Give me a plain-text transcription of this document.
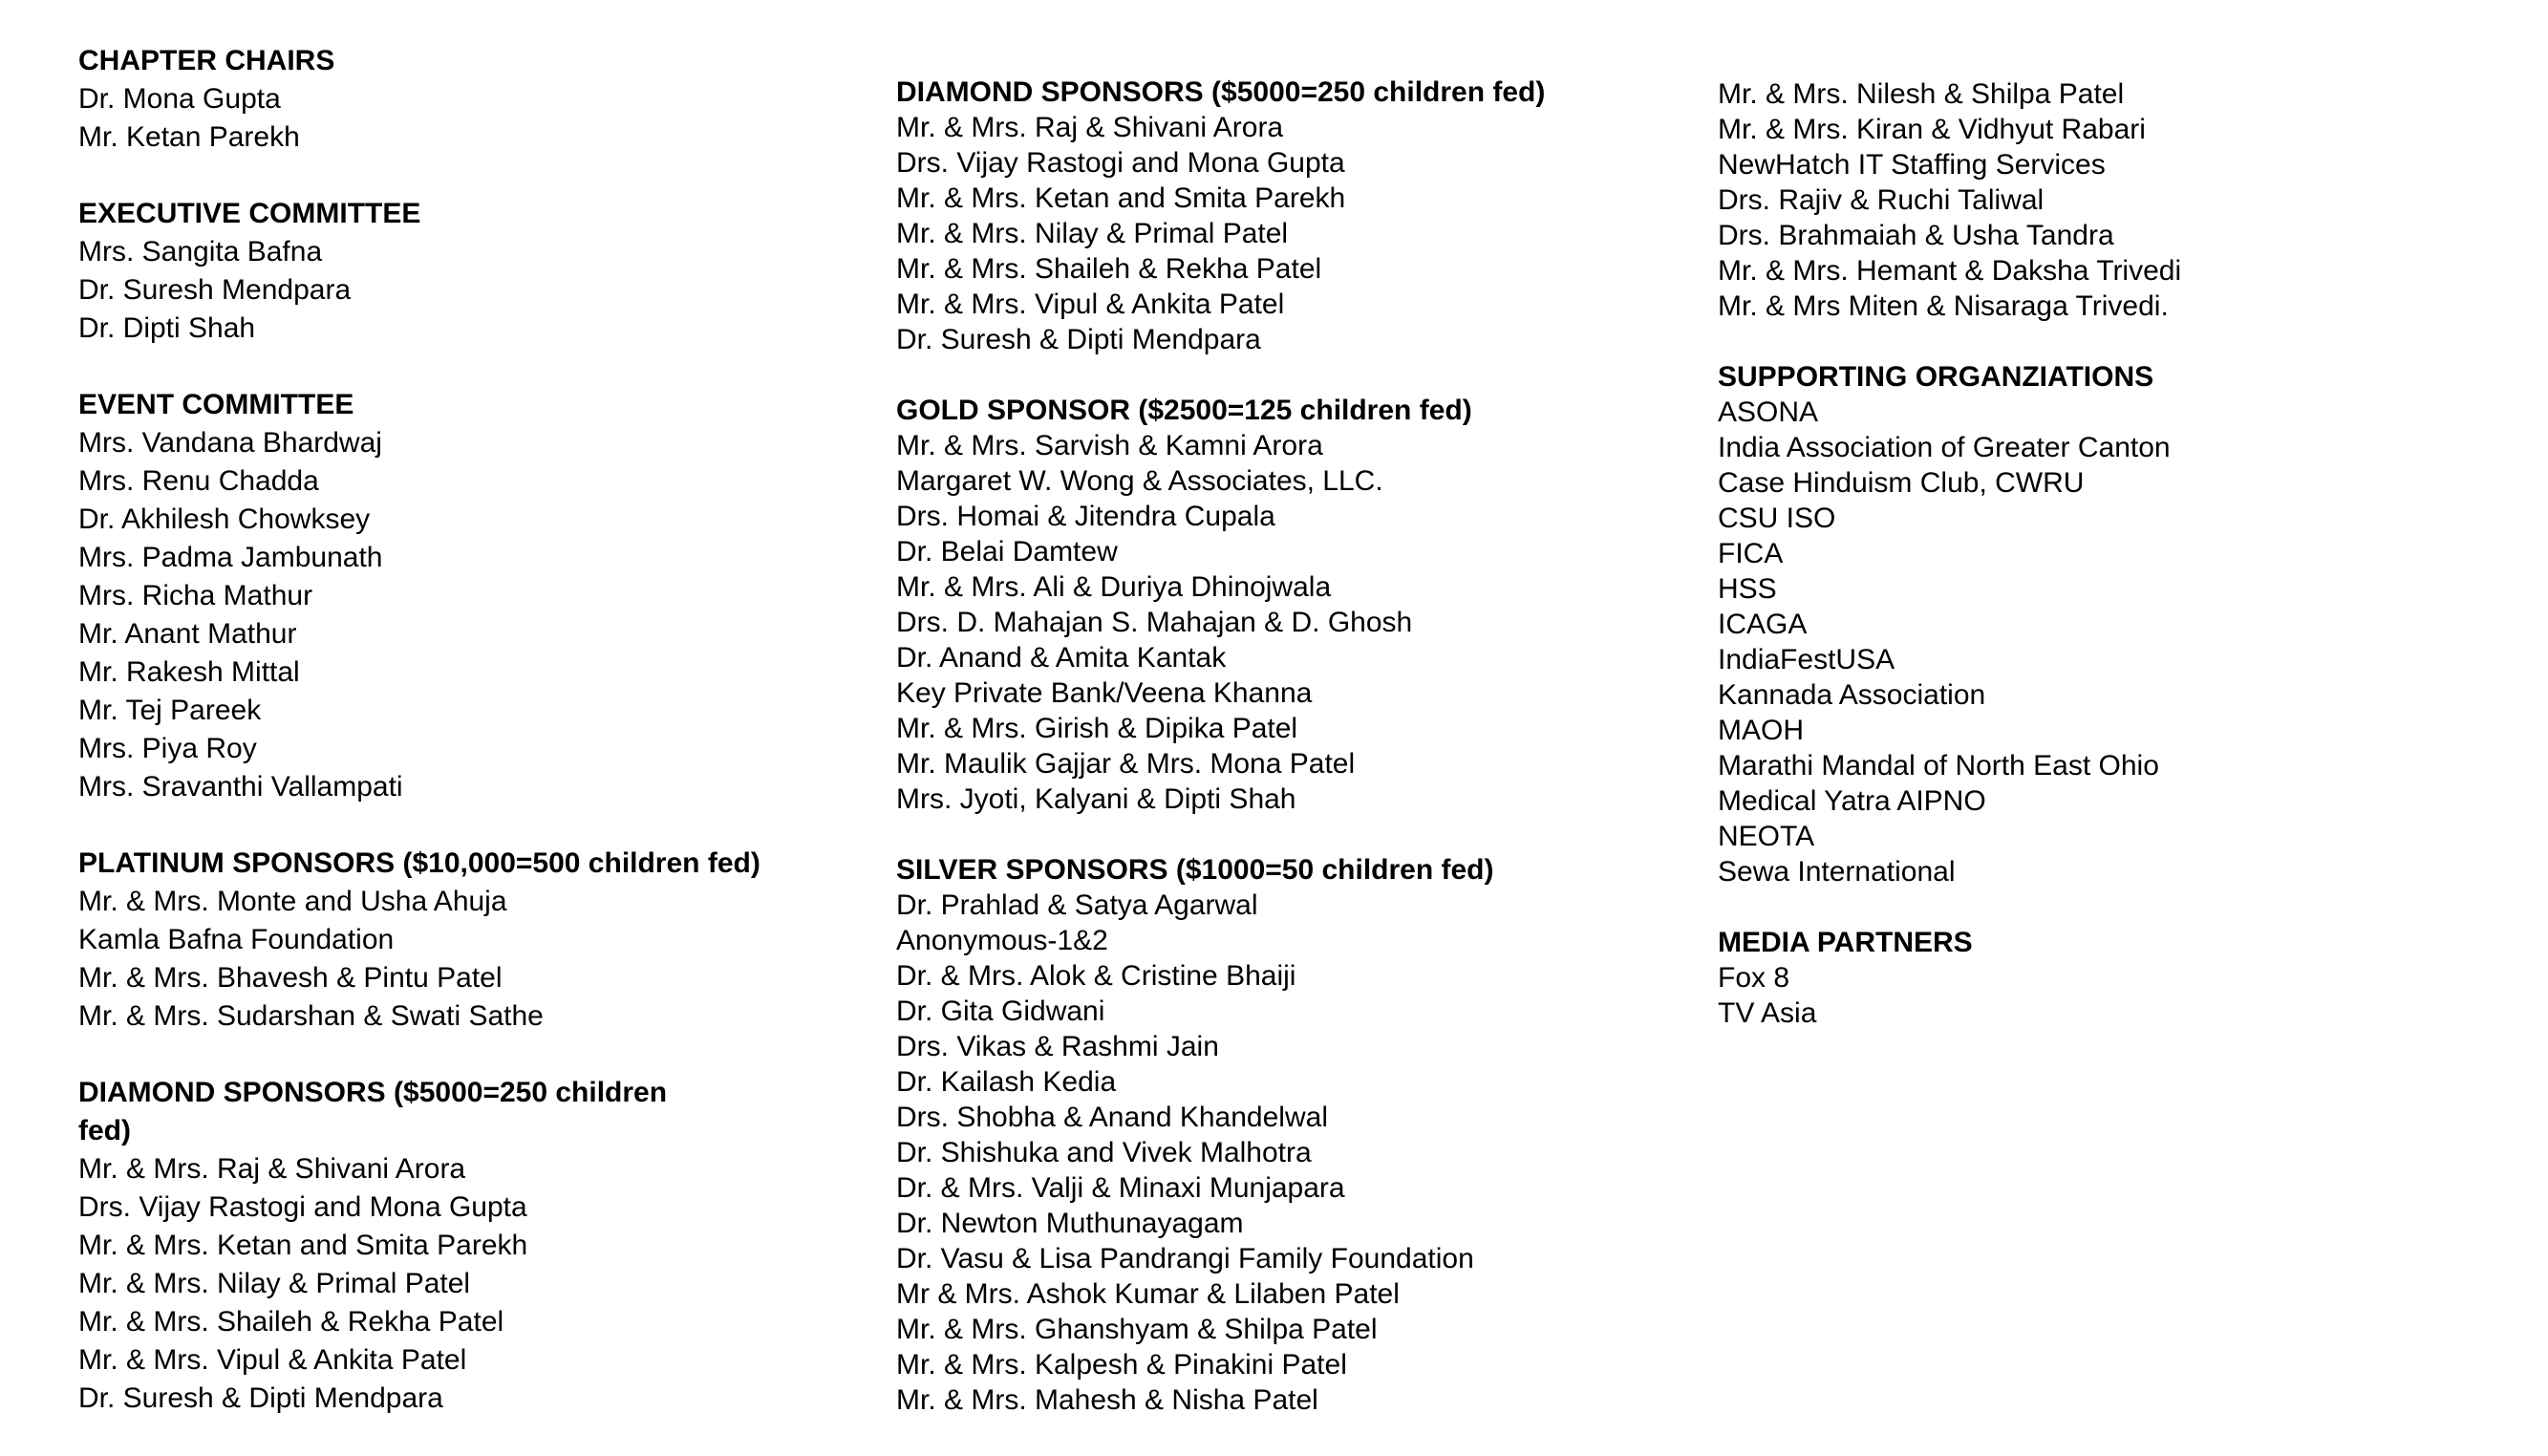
CHAPTER CHAIRS
Dr. Mona Gupta
Mr. Ketan Parekh
EXECUTIVE COMMITTEE
Mrs. Sangita Bafna
Dr. Suresh Mendpara
Dr. Dipti Shah
EVENT COMMITTEE
Mrs. Vandana Bhardwaj
Mrs. Renu Chadda
Dr. Akhilesh Chowksey
Mrs. Padma Jambunath
Mrs. Richa Mathur
Mr. Anant Mathur
Mr. Rakesh Mittal
Mr. Tej Pareek
Mrs. Piya Roy
Mrs. Sravanthi Vallampati
PLATINUM SPONSORS ($10,000=500 children fed)
Mr. & Mrs. Monte and Usha Ahuja
Kamla Bafna Foundation
Mr. & Mrs. Bhavesh & Pintu Patel
Mr. & Mrs. Sudarshan & Swati Sathe
DIAMOND SPONSORS ($5000=250 children
fed)
Mr. & Mrs. Raj & Shivani Arora
Drs. Vijay Rastogi and Mona Gupta
Mr. & Mrs. Ketan and Smita Parekh
Mr. & Mrs. Nilay & Primal Patel
Mr. & Mrs. Shaileh & Rekha Patel
Mr. & Mrs. Vipul & Ankita Patel
Dr. Suresh & Dipti Mendpara
DIAMOND SPONSORS ($5000=250 children fed)
Mr. & Mrs. Raj & Shivani Arora
Drs. Vijay Rastogi and Mona Gupta
Mr. & Mrs. Ketan and Smita Parekh
Mr. & Mrs. Nilay & Primal Patel
Mr. & Mrs. Shaileh & Rekha Patel
Mr. & Mrs. Vipul & Ankita Patel
Dr. Suresh & Dipti Mendpara
GOLD SPONSOR ($2500=125 children fed)
Mr. & Mrs. Sarvish & Kamni Arora
Margaret W. Wong & Associates, LLC.
Drs. Homai & Jitendra Cupala
Dr. Belai Damtew
Mr. & Mrs. Ali & Duriya Dhinojwala
Drs. D. Mahajan S. Mahajan & D. Ghosh
Dr. Anand & Amita Kantak
Key Private Bank/Veena Khanna
Mr. & Mrs. Girish & Dipika Patel
Mr. Maulik Gajjar & Mrs. Mona Patel
Mrs. Jyoti, Kalyani & Dipti Shah
SILVER SPONSORS ($1000=50 children fed)
Dr. Prahlad & Satya Agarwal
Anonymous-1&2
Dr. & Mrs. Alok & Cristine Bhaiji
Dr. Gita Gidwani
Drs. Vikas & Rashmi Jain
Dr. Kailash Kedia
Drs. Shobha & Anand Khandelwal
Dr. Shishuka and Vivek Malhotra
Dr. & Mrs. Valji & Minaxi Munjapara
Dr. Newton Muthunayagam
Dr. Vasu & Lisa Pandrangi Family Foundation
Mr & Mrs. Ashok Kumar & Lilaben Patel
Mr. & Mrs. Ghanshyam & Shilpa Patel
Mr. & Mrs. Kalpesh & Pinakini Patel
Mr. & Mrs. Mahesh & Nisha Patel
Mr. & Mrs. Nilesh & Shilpa Patel
Mr. & Mrs. Kiran & Vidhyut Rabari
NewHatch IT Staffing Services
Drs. Rajiv & Ruchi Taliwal
Drs. Brahmaiah & Usha Tandra
Mr. & Mrs. Hemant & Daksha Trivedi
Mr. & Mrs Miten & Nisaraga Trivedi.
SUPPORTING ORGANZIATIONS
ASONA
India Association of Greater Canton
Case Hinduism Club, CWRU
CSU ISO
FICA
HSS
ICAGA
IndiaFestUSA
Kannada Association
MAOH
Marathi Mandal of North East Ohio
Medical Yatra AIPNO
NEOTA
Sewa International
MEDIA PARTNERS
Fox 8
TV Asia
